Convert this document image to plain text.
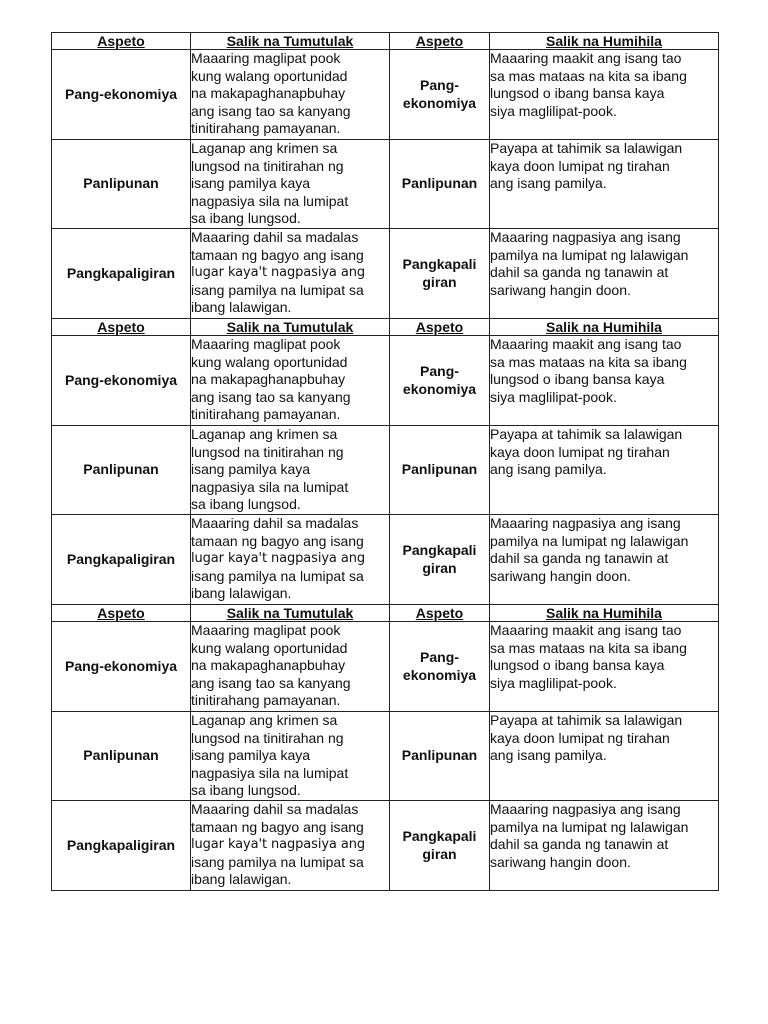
Aspeto	Salik na Tumutulak	Aspeto	Salik na Humihila
Pang-ekonomiya	Maaaring maglipat pook
kung walang oportunidad
na makapaghanapbuhay
ang isang tao sa kanyang
tinitirahang pamayanan.	Pang-
ekonomiya	Maaaring maakit ang isang tao
sa mas mataas na kita sa ibang
lungsod o ibang bansa kaya
siya maglilipat-pook.

Panlipunan	Laganap ang krimen sa
lungsod na tinitirahan ng
isang pamilya kaya
nagpasiya sila na lumipat
sa ibang lungsod.	Panlipunan	Payapa at tahimik sa lalawigan
kaya doon lumipat ng tirahan
ang isang pamilya.

Pangkapaligiran	Maaaring dahil sa madalas
tamaan ng bagyo ang isang
lugar kaya't nagpasiya ang
isang pamilya na lumipat sa
ibang lalawigan.	Pangkapali
giran	Maaaring nagpasiya ang isang
pamilya na lumipat ng lalawigan
dahil sa ganda ng tanawin at
sariwang hangin doon.

Aspeto	Salik na Tumutulak	Aspeto	Salik na Humihila
Pang-ekonomiya	Maaaring maglipat pook
kung walang oportunidad
na makapaghanapbuhay
ang isang tao sa kanyang
tinitirahang pamayanan.	Pang-
ekonomiya	Maaaring maakit ang isang tao
sa mas mataas na kita sa ibang
lungsod o ibang bansa kaya
siya maglilipat-pook.

Panlipunan	Laganap ang krimen sa
lungsod na tinitirahan ng
isang pamilya kaya
nagpasiya sila na lumipat
sa ibang lungsod.	Panlipunan	Payapa at tahimik sa lalawigan
kaya doon lumipat ng tirahan
ang isang pamilya.

Pangkapaligiran	Maaaring dahil sa madalas
tamaan ng bagyo ang isang
lugar kaya't nagpasiya ang
isang pamilya na lumipat sa
ibang lalawigan.	Pangkapali
giran	Maaaring nagpasiya ang isang
pamilya na lumipat ng lalawigan
dahil sa ganda ng tanawin at
sariwang hangin doon.

Aspeto	Salik na Tumutulak	Aspeto	Salik na Humihila
Pang-ekonomiya	Maaaring maglipat pook
kung walang oportunidad
na makapaghanapbuhay
ang isang tao sa kanyang
tinitirahang pamayanan.	Pang-
ekonomiya	Maaaring maakit ang isang tao
sa mas mataas na kita sa ibang
lungsod o ibang bansa kaya
siya maglilipat-pook.

Panlipunan	Laganap ang krimen sa
lungsod na tinitirahan ng
isang pamilya kaya
nagpasiya sila na lumipat
sa ibang lungsod.	Panlipunan	Payapa at tahimik sa lalawigan
kaya doon lumipat ng tirahan
ang isang pamilya.

Pangkapaligiran	Maaaring dahil sa madalas
tamaan ng bagyo ang isang
lugar kaya't nagpasiya ang
isang pamilya na lumipat sa
ibang lalawigan.	Pangkapali
giran	Maaaring nagpasiya ang isang
pamilya na lumipat ng lalawigan
dahil sa ganda ng tanawin at
sariwang hangin doon.
